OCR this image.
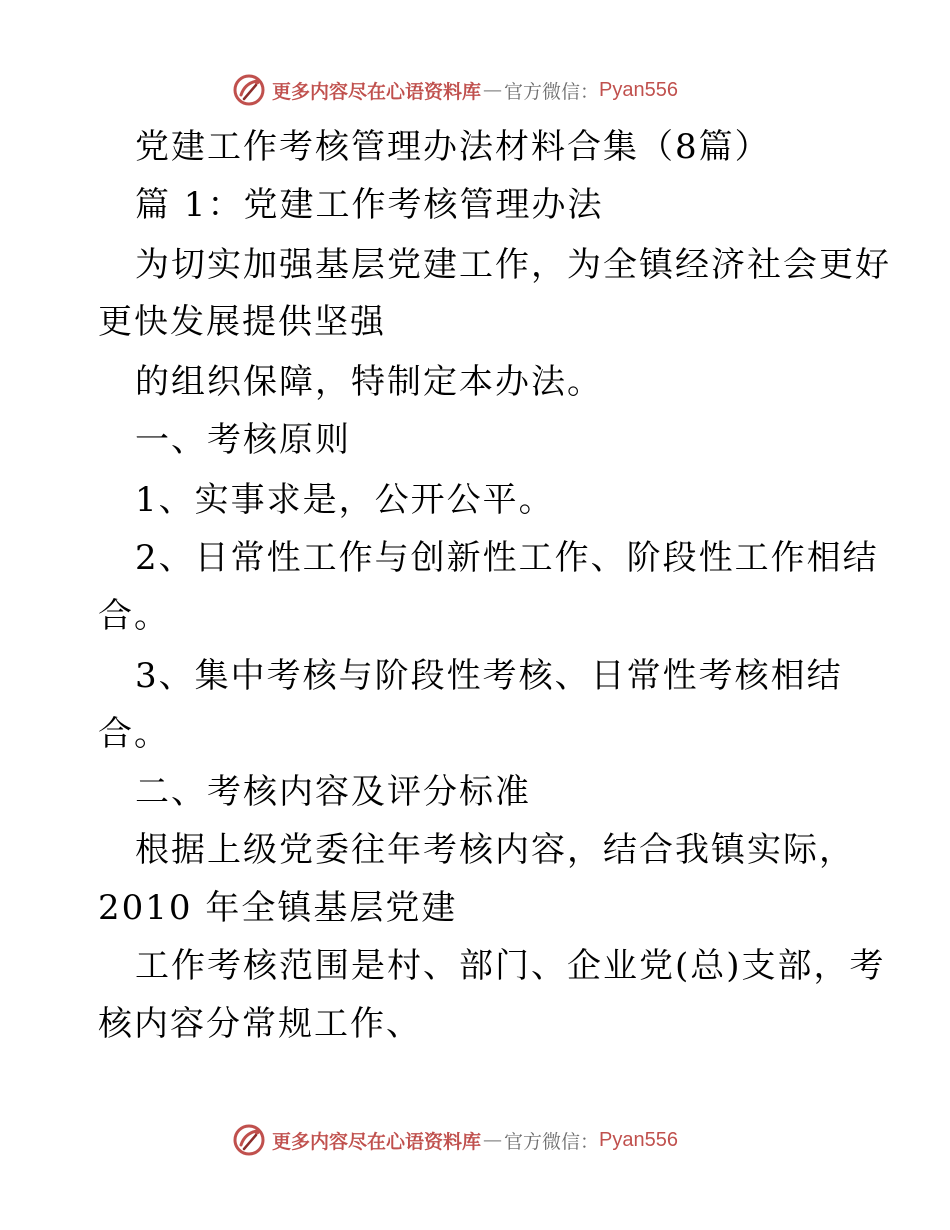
更多内容尽在心语资料库 — 官方微信： Pyan556
党建工作考核管理办法材料合集（8篇）
篇 1：党建工作考核管理办法
为切实加强基层党建工作，为全镇经济社会更好
更快发展提供坚强
的组织保障，特制定本办法。
一、考核原则
1、实事求是，公开公平。
2、日常性工作与创新性工作、阶段性工作相结
合。
3、集中考核与阶段性考核、日常性考核相结
合。
二、考核内容及评分标准
根据上级党委往年考核内容，结合我镇实际，
2010 年全镇基层党建
工作考核范围是村、部门、企业党(总)支部，考
核内容分常规工作、
更多内容尽在心语资料库 — 官方微信： Pyan556
